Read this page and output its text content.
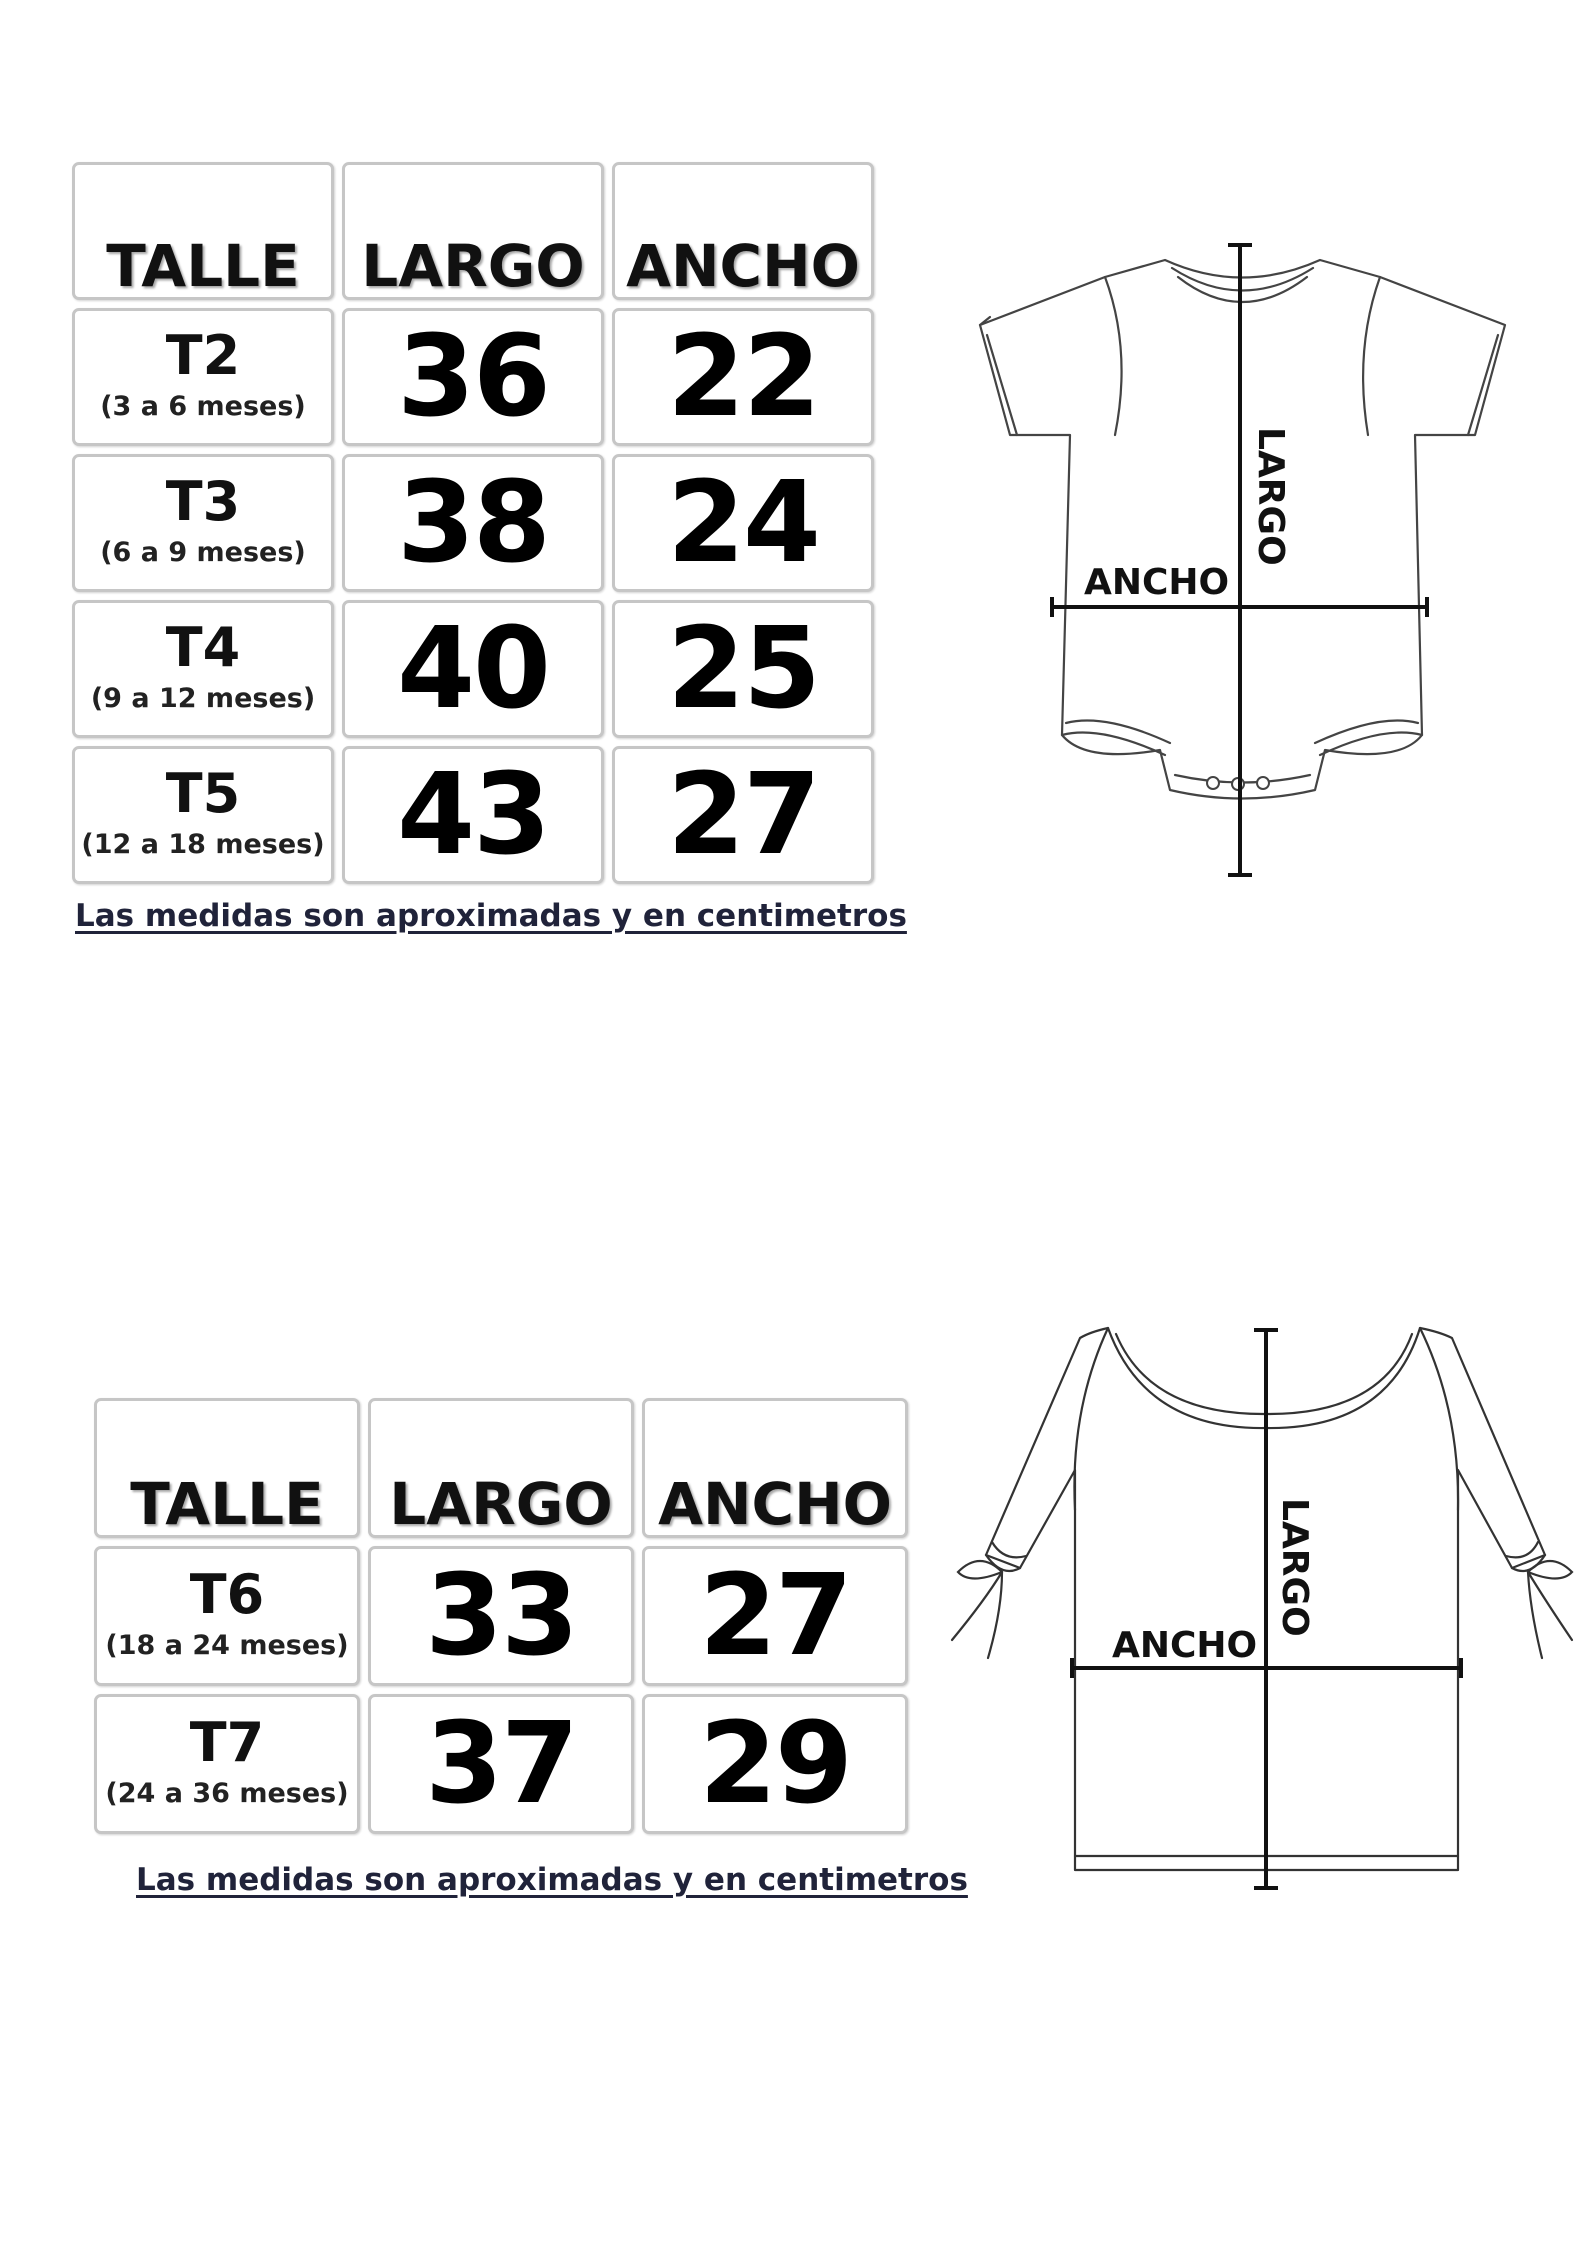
TALLE LARGO ANCHO
T2
(3 a 6 meses) 36 22
T3
(6 a 9 meses) 38 24
T4
(9 a 12 meses) 40 25
T5
(12 a 18 meses) 43 27
Las medidas son aproximadas y en centimetros
LARGO
ANCHO
TALLE LARGO ANCHO
T6
(18 a 24 meses) 33 27
T7
(24 a 36 meses) 37 29
Las medidas son aproximadas y en centimetros
LARGO
ANCHO
